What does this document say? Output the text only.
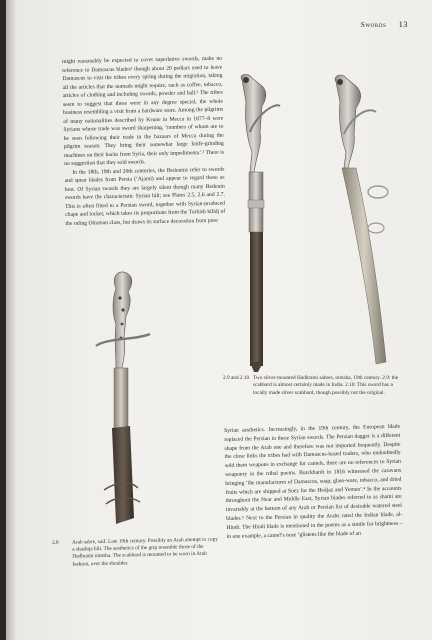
Swords 13

might reasonably be expected to covet superlative swords, make no reference to Damascus blades¹ though about 20 pedlars used to leave Damascus to visit the tribes every spring during the migration, taking all the articles that the nomads might require, such as coffee, tobacco, articles of clothing and including swords, powder and ball.² The tribes seem to suggest that these were in any degree special, the whole business resembling a visit from a hardware store. Among the pilgrims of many nationalities described by Keane in Mecca in 1877–8 were Syrians whose trade was sword sharpening, ‘numbers of whom are to be seen following their trade in the bazaars of Mecca during the pilgrim season. They bring their somewhat large knife-grinding machines on their backs from Syria, their only impedimenta’.³ There is no suggestion that they sold swords.

In the 18th, 19th and 20th centuries, the Bedouins refer to swords and spear blades from Persia (‘Ajami) and appear to regard these as best. Of Syrian swords they are largely silent though many Bedouin swords have the characteristic Syrian hilt; see Plates 2.5, 2.6 and 2.7. This is often fitted to a Persian sword, together with Syrian-produced chape and locket, which takes its proportions from the Turkish kilidj of the ruling Ottoman class, but draws its surface decoration from pure

2.9 and 2.10 Two silver-mounted Hadhrami sabres, nimsha, 19th century. 2.9: the scabbard is almost certainly made in India. 2.10: This sword has a locally made silver scabbard, though possibly not the original.
2.8 Arab sabre, saif. Late 19th century. Possibly an Arab attempt to copy a shashqa hilt. The aesthetics of the grip resemble those of the Hadhrami nimsha. The scabbard is mounted to be worn in Arab fashion, over the shoulder.

Syrian aesthetics. Increasingly, in the 19th century, the European blade replaced the Persian in these Syrian swords. The Persian dagger is a different shape from the Arab one and therefore was not imported frequently. Despite the close links the tribes had with Damascus-based traders, who undoubtedly sold them weapons in exchange for camels, there are no references to Syrian weaponry in the tribal poems. Burckhardt in 1816 witnessed the caravans bringing ‘the manufactures of Damascus, soap, glass-ware, tobacco, and dried fruits which are shipped at Suez for the Hedjaz and Yemen’.⁴ In the accounts throughout the Near and Middle East, Syrian blades referred to as shami are invariably at the bottom of any Arab or Persian list of desirable watered steel blades.⁵ Next to the Persian in quality the Arabs rated the Indian blade, al-Hindi. The Hindi blade is mentioned in the poems as a simile for brightness – in one example, a camel’s nose ‘glistens like the blade of an
